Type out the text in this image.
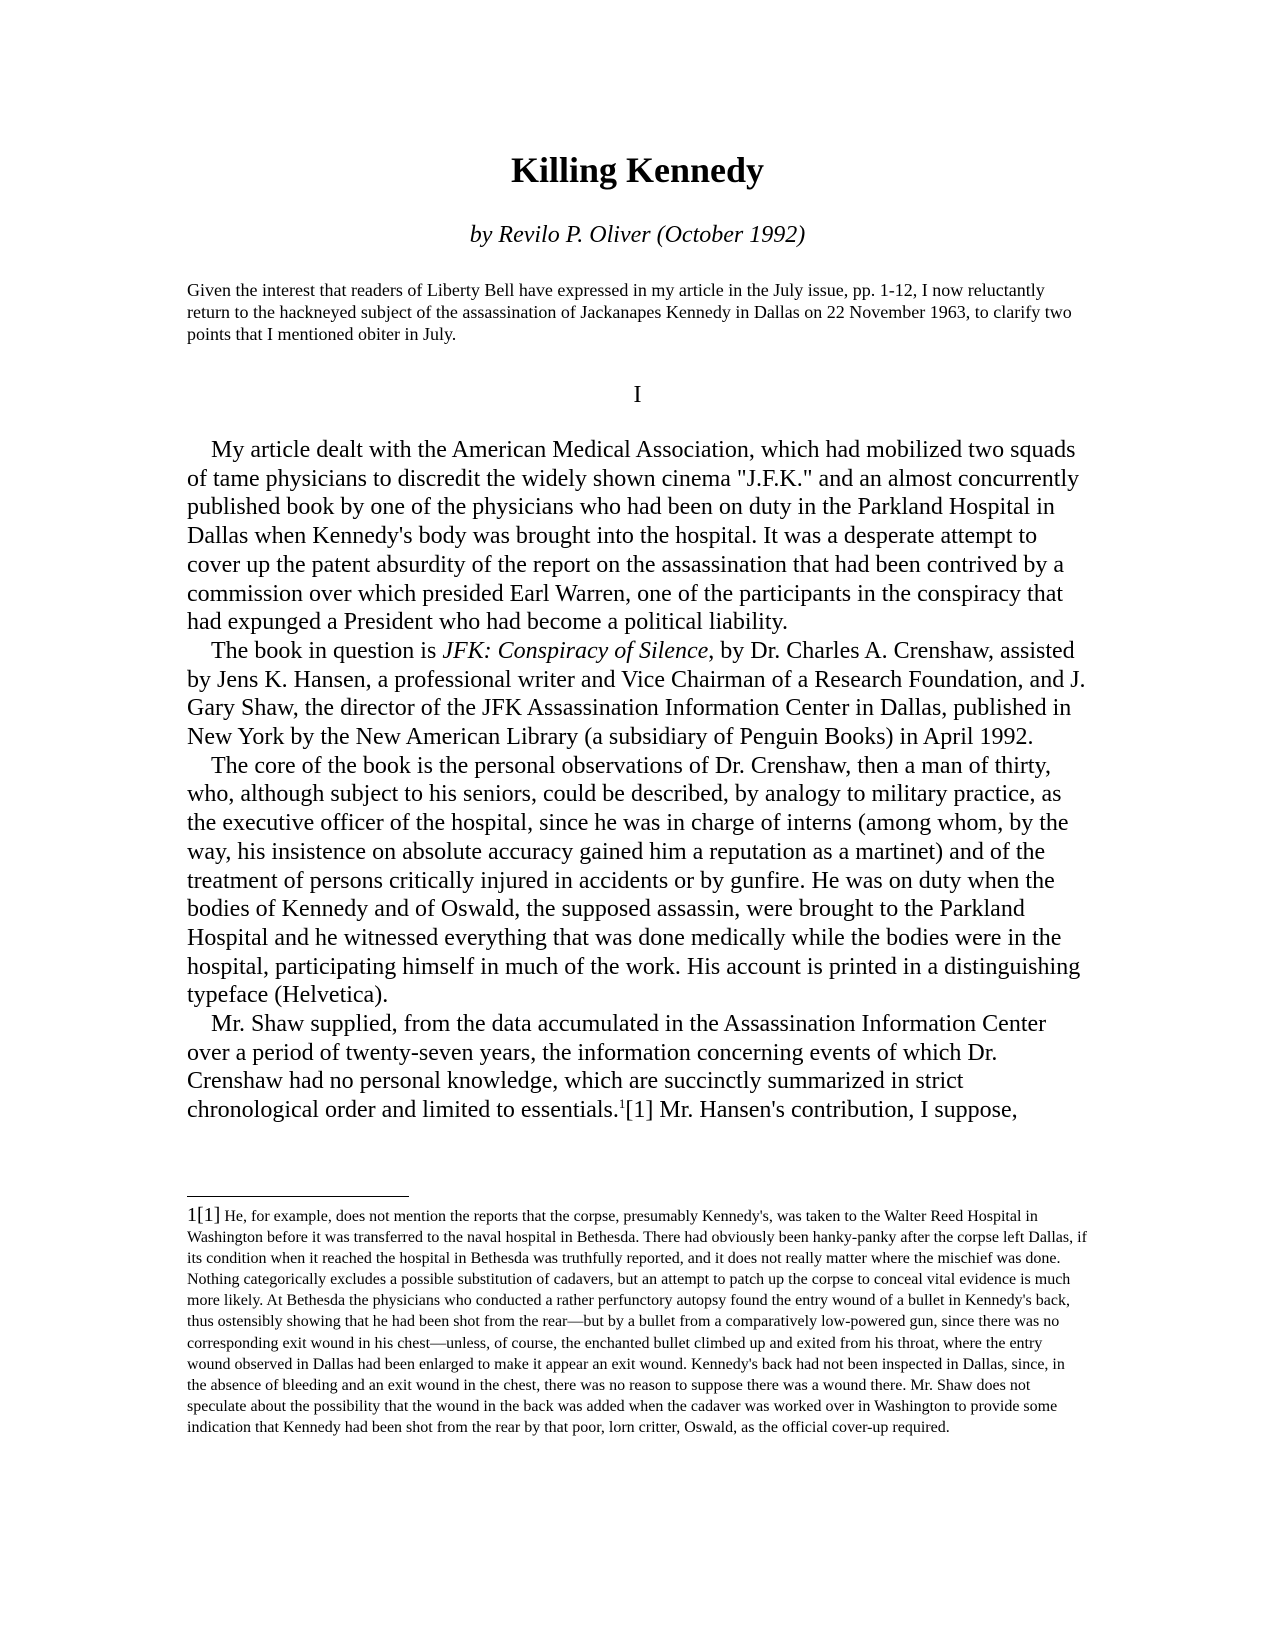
Killing Kennedy

by Revilo P. Oliver (October 1992)

Given the interest that readers of Liberty Bell have expressed in my article in the July issue, pp. 1-12, I now reluctantly return to the hackneyed subject of the assassination of Jackanapes Kennedy in Dallas on 22 November 1963, to clarify two points that I mentioned obiter in July.

I

My article dealt with the American Medical Association, which had mobilized two squads of tame physicians to discredit the widely shown cinema "J.F.K." and an almost concurrently published book by one of the physicians who had been on duty in the Parkland Hospital in Dallas when Kennedy's body was brought into the hospital. It was a desperate attempt to cover up the patent absurdity of the report on the assassination that had been contrived by a commission over which presided Earl Warren, one of the participants in the conspiracy that had expunged a President who had become a political liability.

The book in question is JFK: Conspiracy of Silence, by Dr. Charles A. Crenshaw, assisted by Jens K. Hansen, a professional writer and Vice Chairman of a Research Foundation, and J. Gary Shaw, the director of the JFK Assassination Information Center in Dallas, published in New York by the New American Library (a subsidiary of Penguin Books) in April 1992.

The core of the book is the personal observations of Dr. Crenshaw, then a man of thirty, who, although subject to his seniors, could be described, by analogy to military practice, as the executive officer of the hospital, since he was in charge of interns (among whom, by the way, his insistence on absolute accuracy gained him a reputation as a martinet) and of the treatment of persons critically injured in accidents or by gunfire. He was on duty when the bodies of Kennedy and of Oswald, the supposed assassin, were brought to the Parkland Hospital and he witnessed everything that was done medically while the bodies were in the hospital, participating himself in much of the work. His account is printed in a distinguishing typeface (Helvetica).

Mr. Shaw supplied, from the data accumulated in the Assassination Information Center over a period of twenty-seven years, the information concerning events of which Dr. Crenshaw had no personal knowledge, which are succinctly summarized in strict chronological order and limited to essentials.$^1$[1] Mr. Hansen's contribution, I suppose,

1[1] He, for example, does not mention the reports that the corpse, presumably Kennedy's, was taken to the Walter Reed Hospital in Washington before it was transferred to the naval hospital in Bethesda. There had obviously been hanky-panky after the corpse left Dallas, if its condition when it reached the hospital in Bethesda was truthfully reported, and it does not really matter where the mischief was done. Nothing categorically excludes a possible substitution of cadavers, but an attempt to patch up the corpse to conceal vital evidence is much more likely. At Bethesda the physicians who conducted a rather perfunctory autopsy found the entry wound of a bullet in Kennedy's back, thus ostensibly showing that he had been shot from the rear—but by a bullet from a comparatively low-powered gun, since there was no corresponding exit wound in his chest—unless, of course, the enchanted bullet climbed up and exited from his throat, where the entry wound observed in Dallas had been enlarged to make it appear an exit wound. Kennedy's back had not been inspected in Dallas, since, in the absence of bleeding and an exit wound in the chest, there was no reason to suppose there was a wound there. Mr. Shaw does not speculate about the possibility that the wound in the back was added when the cadaver was worked over in Washington to provide some indication that Kennedy had been shot from the rear by that poor, lorn critter, Oswald, as the official cover-up required.
